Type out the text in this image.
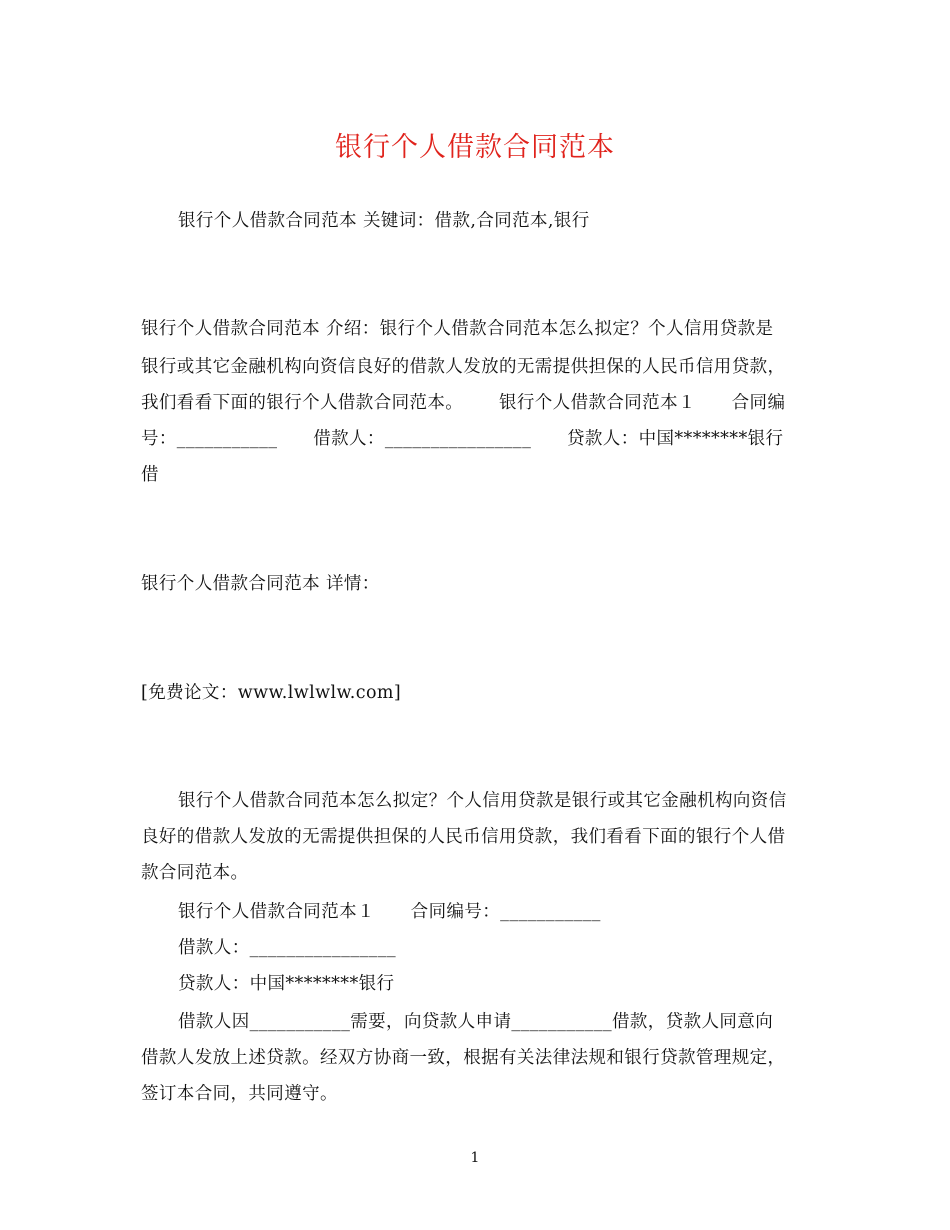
银行个人借款合同范本
银行个人借款合同范本 关键词：借款,合同范本,银行
银行个人借款合同范本 介绍：银行个人借款合同范本怎么拟定？个人信用贷款是
银行或其它金融机构向资信良好的借款人发放的无需提供担保的人民币信用贷款，
我们看看下面的银行个人借款合同范本。      银行个人借款合同范本１      合同编
号：___________      借款人：________________      贷款人：中国********银行
借
银行个人借款合同范本 详情：
[免费论文：www.lwlwlw.com]
银行个人借款合同范本怎么拟定？个人信用贷款是银行或其它金融机构向资信
良好的借款人发放的无需提供担保的人民币信用贷款，我们看看下面的银行个人借
款合同范本。
银行个人借款合同范本１      合同编号：___________
借款人：________________
贷款人：中国********银行
借款人因___________需要，向贷款人申请___________借款，贷款人同意向
借款人发放上述贷款。经双方协商一致，根据有关法律法规和银行贷款管理规定，
签订本合同，共同遵守。
1
